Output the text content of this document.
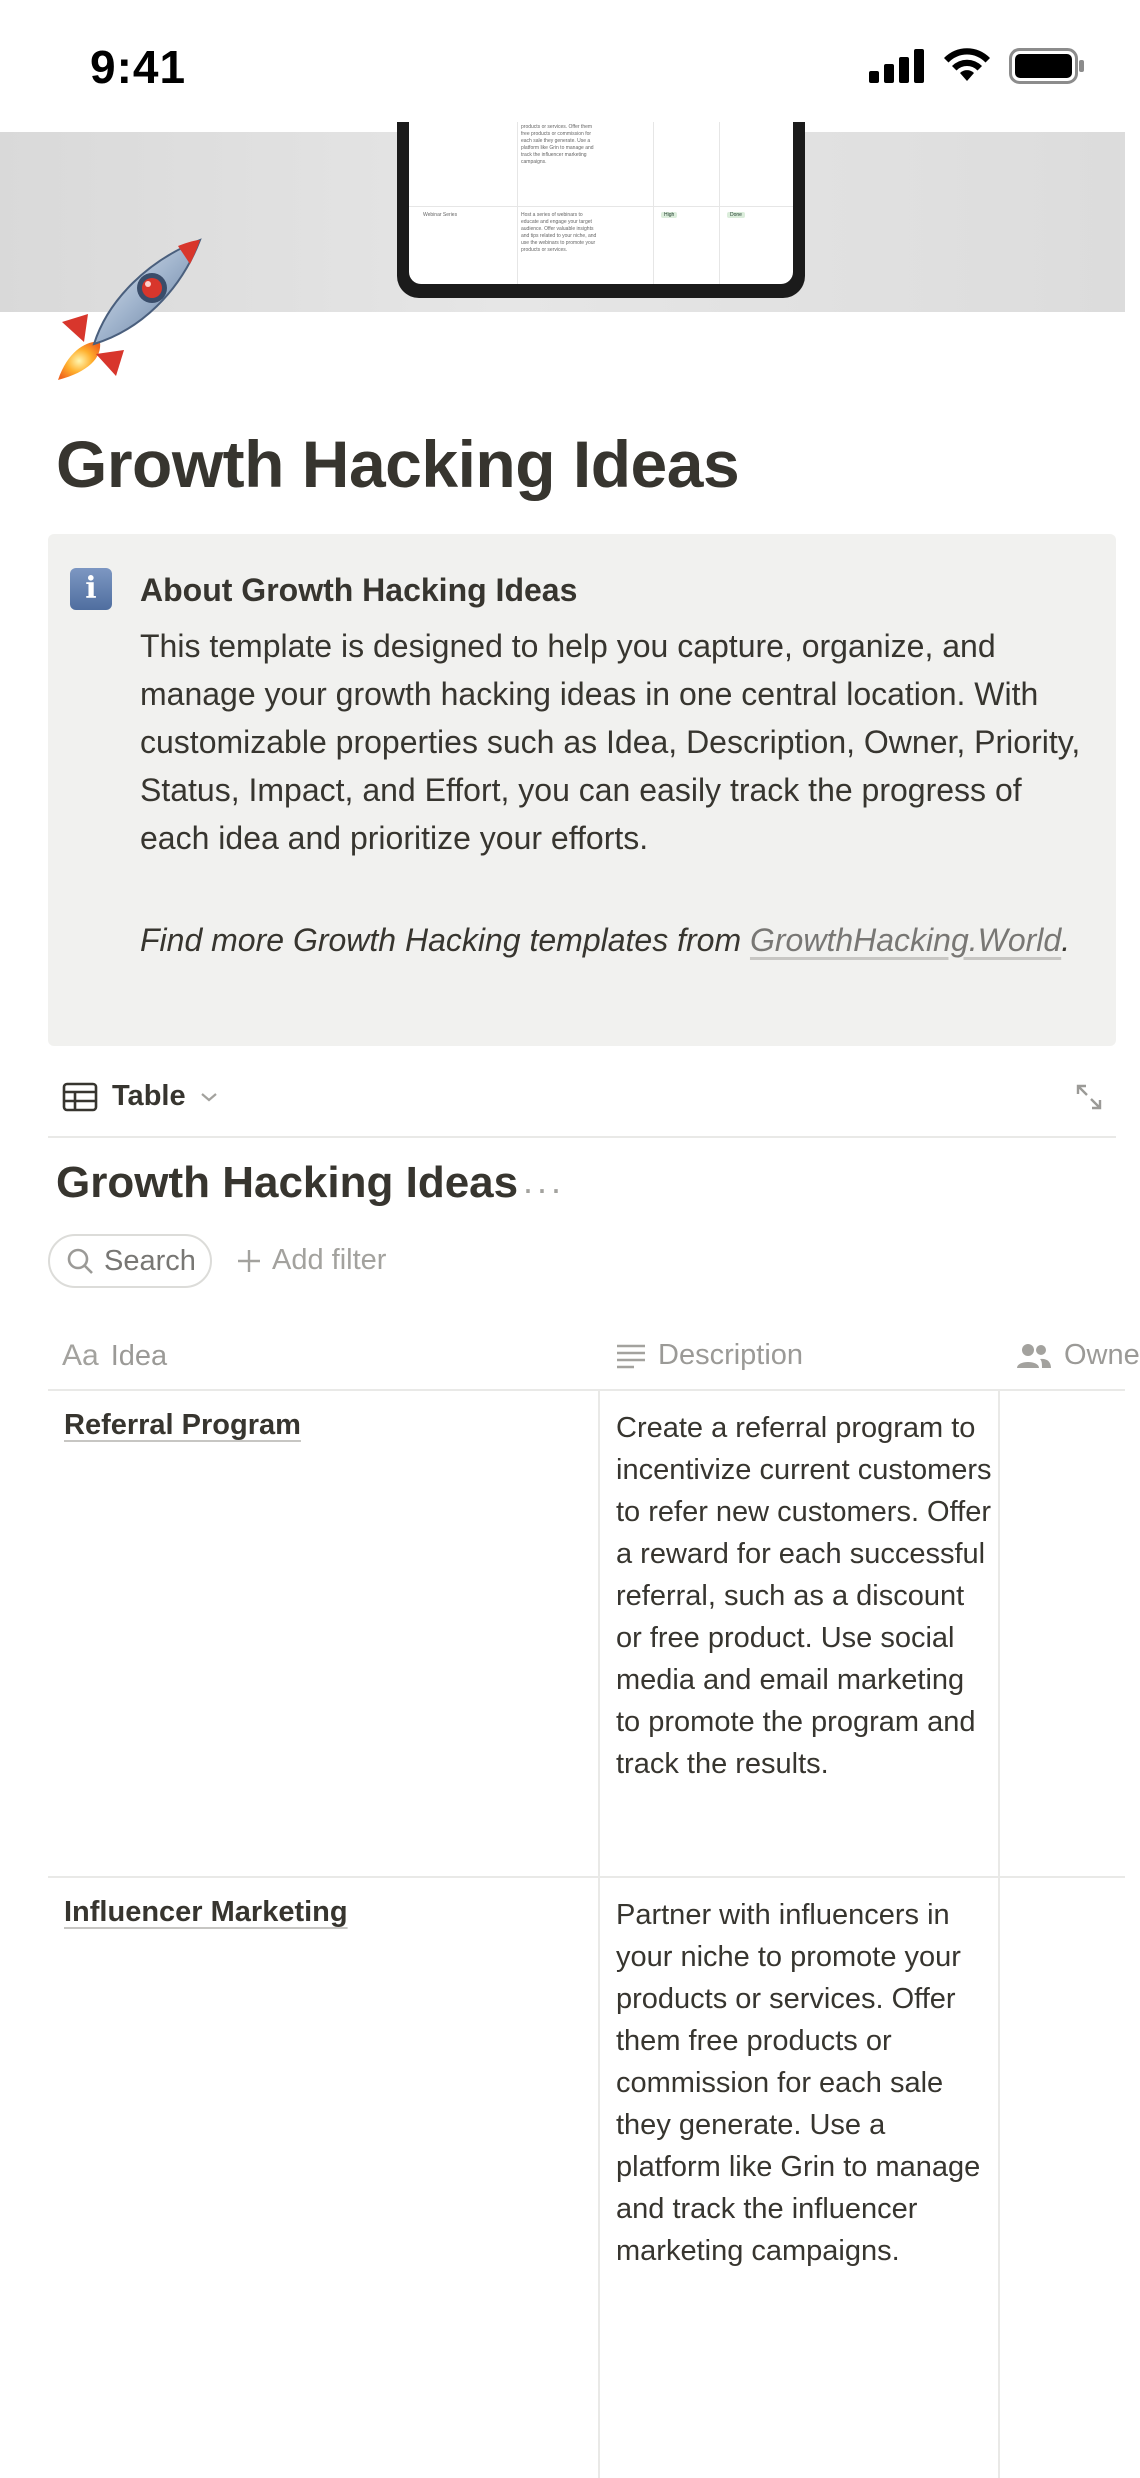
9:41
products or services. Offer them free products or commission for each sale they generate. Use a platform like Grin to manage and track the influencer marketing campaigns.
Webinar Series	Host a series of webinars to educate and engage your target audience. Offer valuable insights and tips related to your niche, and use the webinars to promote your products or services.
High	Done
Growth Hacking Ideas
i	About Growth Hacking Ideas
This template is designed to help you capture, organize, and manage your growth hacking ideas in one central location. With customizable properties such as Idea, Description, Owner, Priority, Status, Impact, and Effort, you can easily track the progress of each idea and prioritize your efforts.
Find more Growth Hacking templates from GrowthHacking.World.
Table
Growth Hacking Ideas ···
Search	Add filter
Aa Idea	Description	Owne
Referral Program	Create a referral program to incentivize current customers to refer new customers. Offer a reward for each successful referral, such as a discount or free product. Use social media and email marketing to promote the program and track the results.
Influencer Marketing	Partner with influencers in your niche to promote your products or services. Offer them free products or commission for each sale they generate. Use a platform like Grin to manage and track the influencer marketing campaigns.
